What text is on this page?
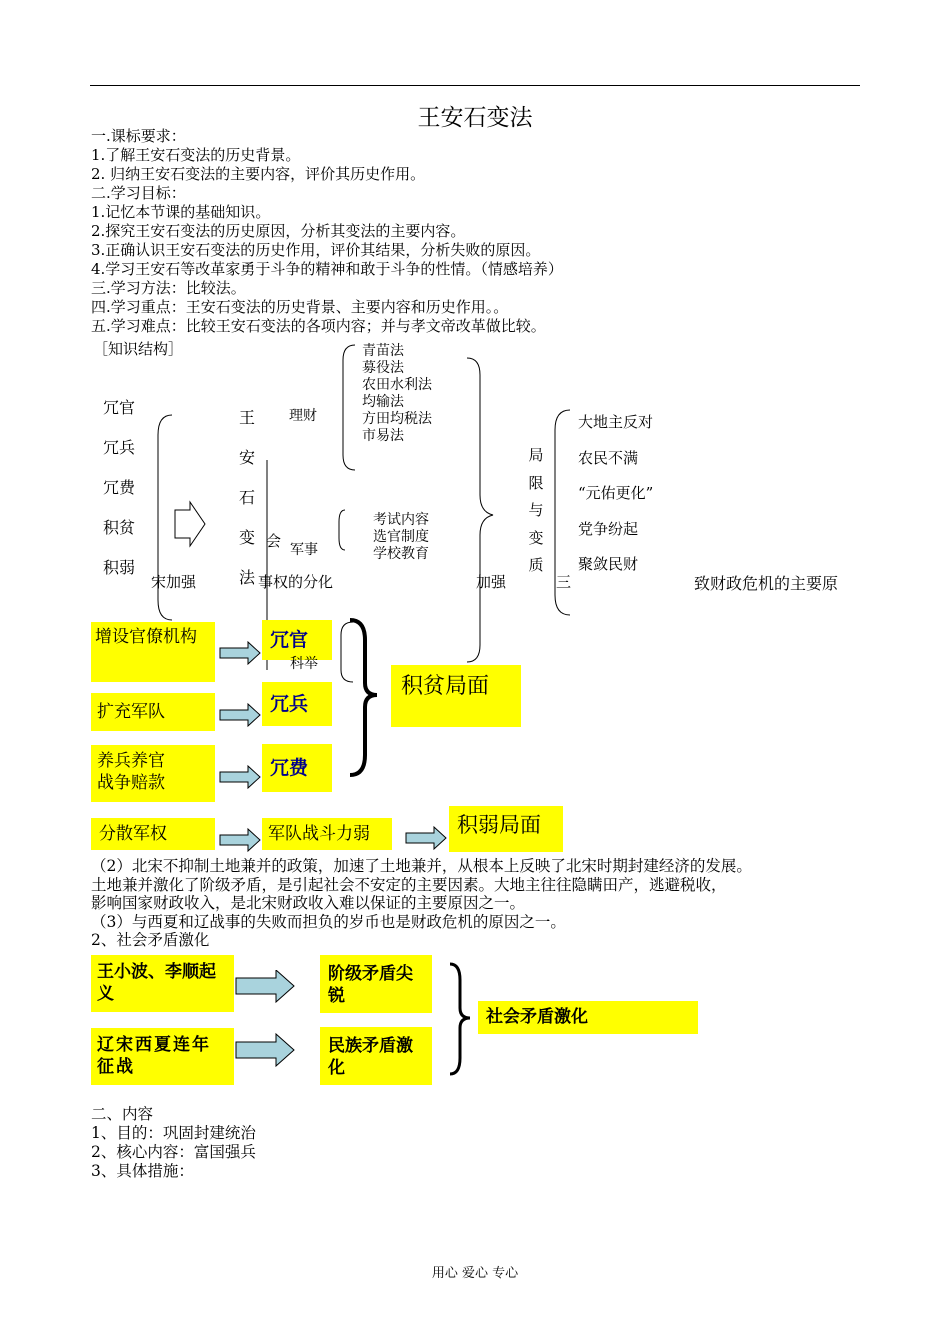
王安石变法
一.课标要求：
1.了解王安石变法的历史背景。
2. 归纳王安石变法的主要内容，评价其历史作用。
二.学习目标：
1.记忆本节课的基础知识。
2.探究王安石变法的历史原因，分析其变法的主要内容。
3.正确认识王安石变法的历史作用，评价其结果，分析失败的原因。
4.学习王安石等改革家勇于斗争的精神和敢于斗争的性情。（情感培养）
三.学习方法：比较法。
四.学习重点：王安石变法的历史背景、主要内容和历史作用。。
五.学习难点：比较王安石变法的各项内容；并与孝文帝改革做比较。
［知识结构］
冗官
冗兵
冗费
积贫
积弱
王
安
石
变
法
理财
青苗法
募役法
农田水利法
均输法
方田均税法
市易法
考试内容
选官制度
学校教育
会 军事
宋加强	事权的分化	加强	三	致财政危机的主要原
局
限
与
变
质
大地主反对
农民不满
“元佑更化”
党争纷起
聚敛民财
增设官僚机构
扩充军队
养兵养官
战争赔款
分散军权
冗官
科举
冗兵
冗费
军队战斗力弱
积贫局面
积弱局面
（2）北宋不抑制土地兼并的政策，加速了土地兼并，从根本上反映了北宋时期封建经济的发展。
土地兼并激化了阶级矛盾，是引起社会不安定的主要因素。大地主往往隐瞒田产，逃避税收，
影响国家财政收入，是北宋财政收入难以保证的主要原因之一。
（3）与西夏和辽战事的失败而担负的岁币也是财政危机的原因之一。
2、社会矛盾激化
王小波、李顺起义
辽宋西夏连年征战
阶级矛盾尖锐
民族矛盾激化
社会矛盾激化
二、内容
1、目的：巩固封建统治
2、核心内容：富国强兵
3、具体措施：
用心 爱心 专心
